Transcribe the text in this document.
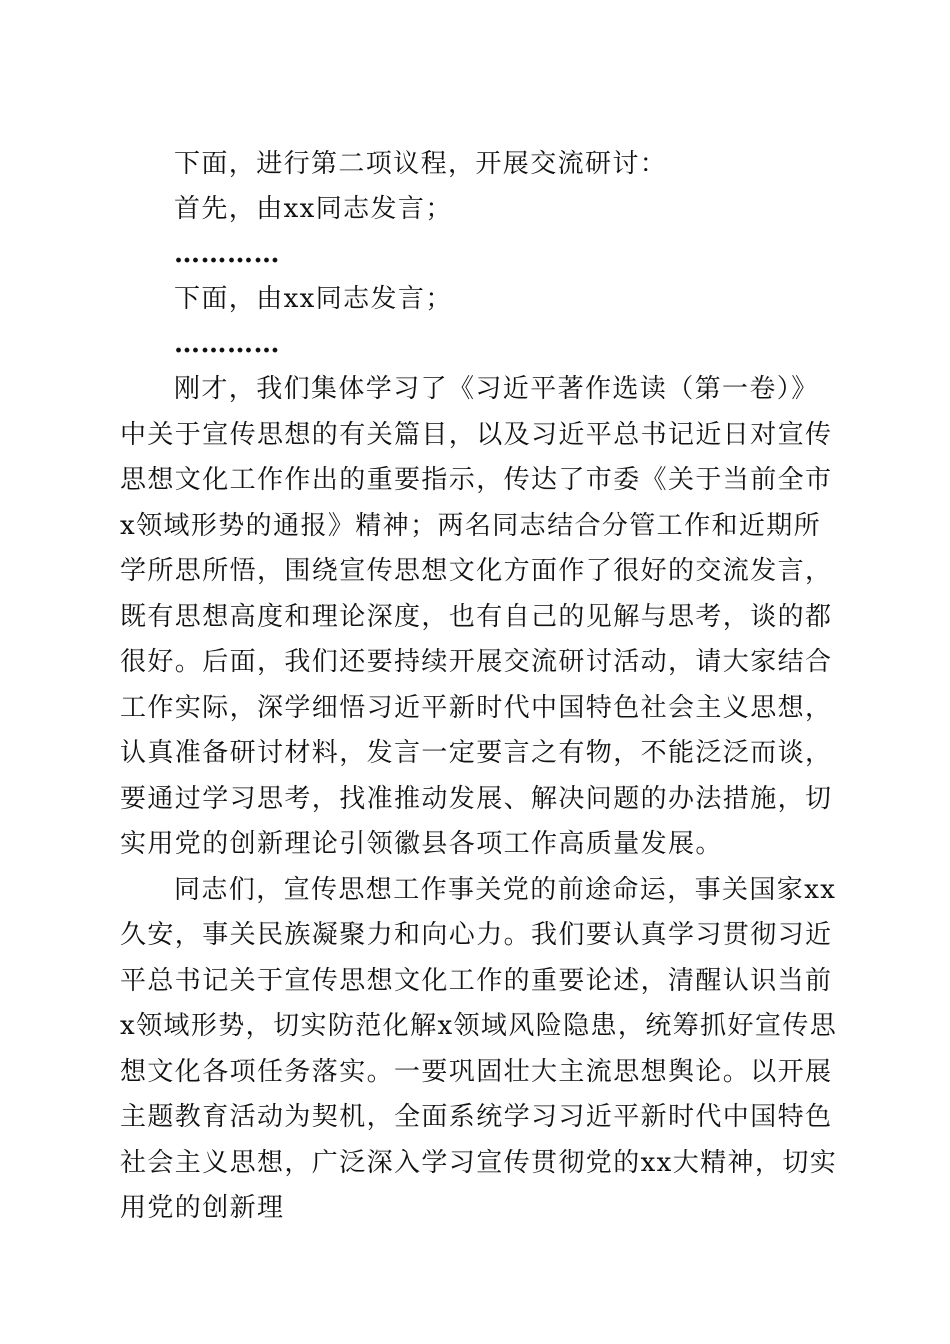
下面，进行第二项议程，开展交流研讨：
首先，由xx同志发言；
…………
下面，由xx同志发言；
…………
刚才，我们集体学习了《习近平著作选读（第一卷）》中关于宣传思想的有关篇目，以及习近平总书记近日对宣传思想文化工作作出的重要指示，传达了市委《关于当前全市x领域形势的通报》精神；两名同志结合分管工作和近期所学所思所悟，围绕宣传思想文化方面作了很好的交流发言，既有思想高度和理论深度，也有自己的见解与思考，谈的都很好。后面，我们还要持续开展交流研讨活动，请大家结合工作实际，深学细悟习近平新时代中国特色社会主义思想，认真准备研讨材料，发言一定要言之有物，不能泛泛而谈，要通过学习思考，找准推动发展、解决问题的办法措施，切实用党的创新理论引领徽县各项工作高质量发展。
同志们，宣传思想工作事关党的前途命运，事关国家xx久安，事关民族凝聚力和向心力。我们要认真学习贯彻习近平总书记关于宣传思想文化工作的重要论述，清醒认识当前x领域形势，切实防范化解x领域风险隐患，统筹抓好宣传思想文化各项任务落实。一要巩固壮大主流思想舆论。以开展主题教育活动为契机，全面系统学习习近平新时代中国特色社会主义思想，广泛深入学习宣传贯彻党的xx大精神，切实用党的创新理
